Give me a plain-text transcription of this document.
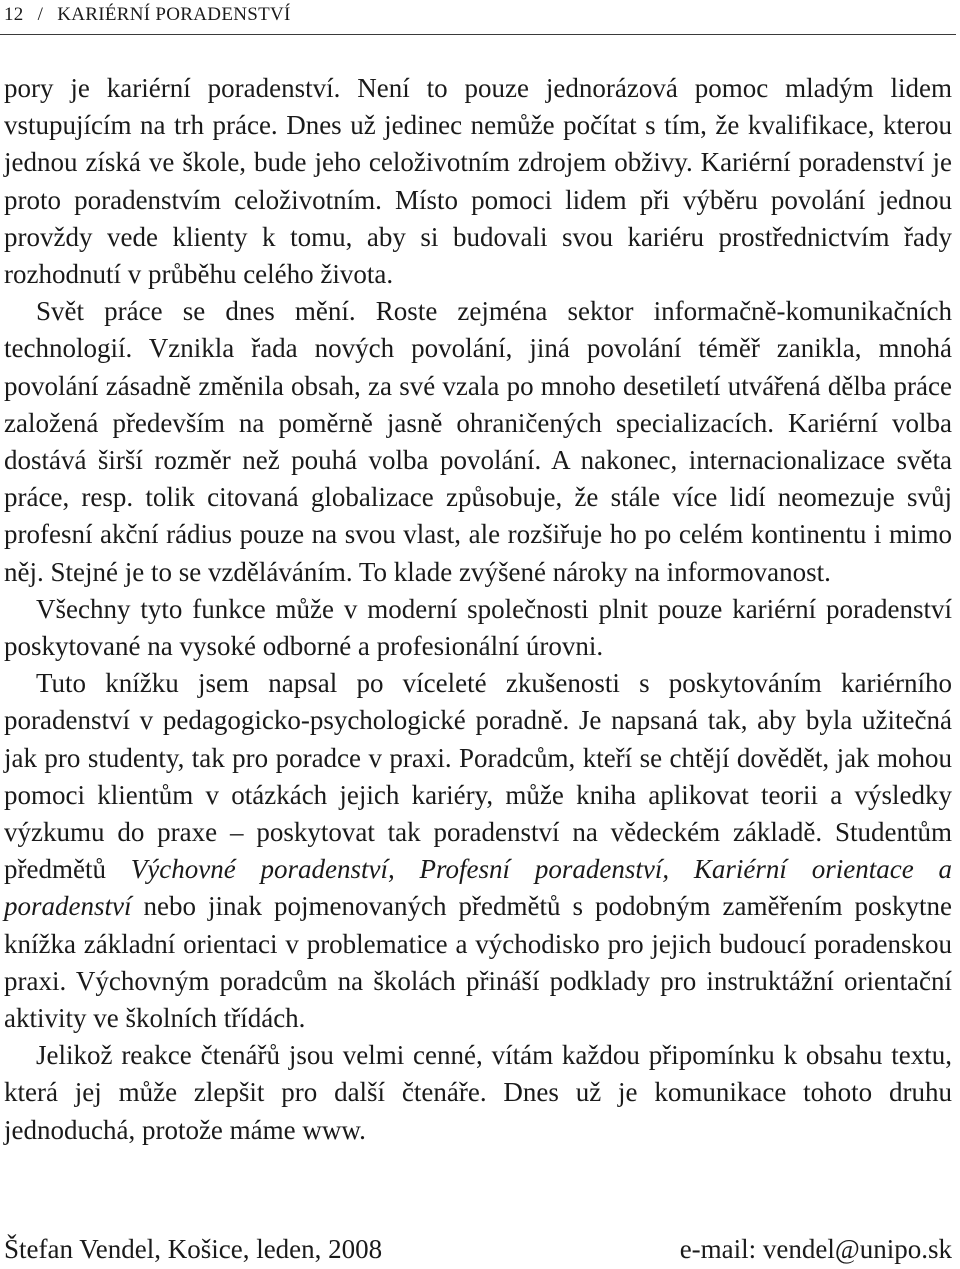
12 / KARIÉRNÍ PORADENSTVÍ

pory je kariérní poradenství. Není to pouze jednorázová pomoc mladým lidem vstupujícím na trh práce. Dnes už jedinec nemůže počítat s tím, že kvalifikace, kterou jednou získá ve škole, bude jeho celoživotním zdrojem obživy. Kariérní poradenství je proto poradenstvím celoživotním. Místo pomoci lidem při výběru povolání jednou provždy vede klienty k tomu, aby si budovali svou kariéru prostřednictvím řady rozhodnutí v průběhu celého života.

Svět práce se dnes mění. Roste zejména sektor informačně-komunikačních technologií. Vznikla řada nových povolání, jiná povolání téměř zanikla, mnohá povolání zásadně změnila obsah, za své vzala po mnoho desetiletí utvářená dělba práce založená především na poměrně jasně ohraničených specializacích. Kariérní volba dostává širší rozměr než pouhá volba povolání. A nakonec, internacionalizace světa práce, resp. tolik citovaná globalizace způsobuje, že stále více lidí neomezuje svůj profesní akční rádius pouze na svou vlast, ale rozšiřuje ho po celém kontinentu i mimo něj. Stejné je to se vzděláváním. To klade zvýšené nároky na informovanost.

Všechny tyto funkce může v moderní společnosti plnit pouze kariérní poradenství poskytované na vysoké odborné a profesionální úrovni.

Tuto knížku jsem napsal po víceleté zkušenosti s poskytováním kariérního poradenství v pedagogicko-psychologické poradně. Je napsaná tak, aby byla užitečná jak pro studenty, tak pro poradce v praxi. Poradcům, kteří se chtějí dovědět, jak mohou pomoci klientům v otázkách jejich kariéry, může kniha aplikovat teorii a výsledky výzkumu do praxe – poskytovat tak poradenství na vědeckém základě. Studentům předmětů Výchovné poradenství, Profesní poradenství, Kariérní orientace a poradenství nebo jinak pojmenovaných předmětů s podobným zaměřením poskytne knížka základní orientaci v problematice a východisko pro jejich budoucí poradenskou praxi. Výchovným poradcům na školách přináší podklady pro instruktážní orientační aktivity ve školních třídách.

Jelikož reakce čtenářů jsou velmi cenné, vítám každou připomínku k obsahu textu, která jej může zlepšit pro další čtenáře. Dnes už je komunikace tohoto druhu jednoduchá, protože máme www.

Štefan Vendel, Košice, leden, 2008	e-mail: vendel@unipo.sk
